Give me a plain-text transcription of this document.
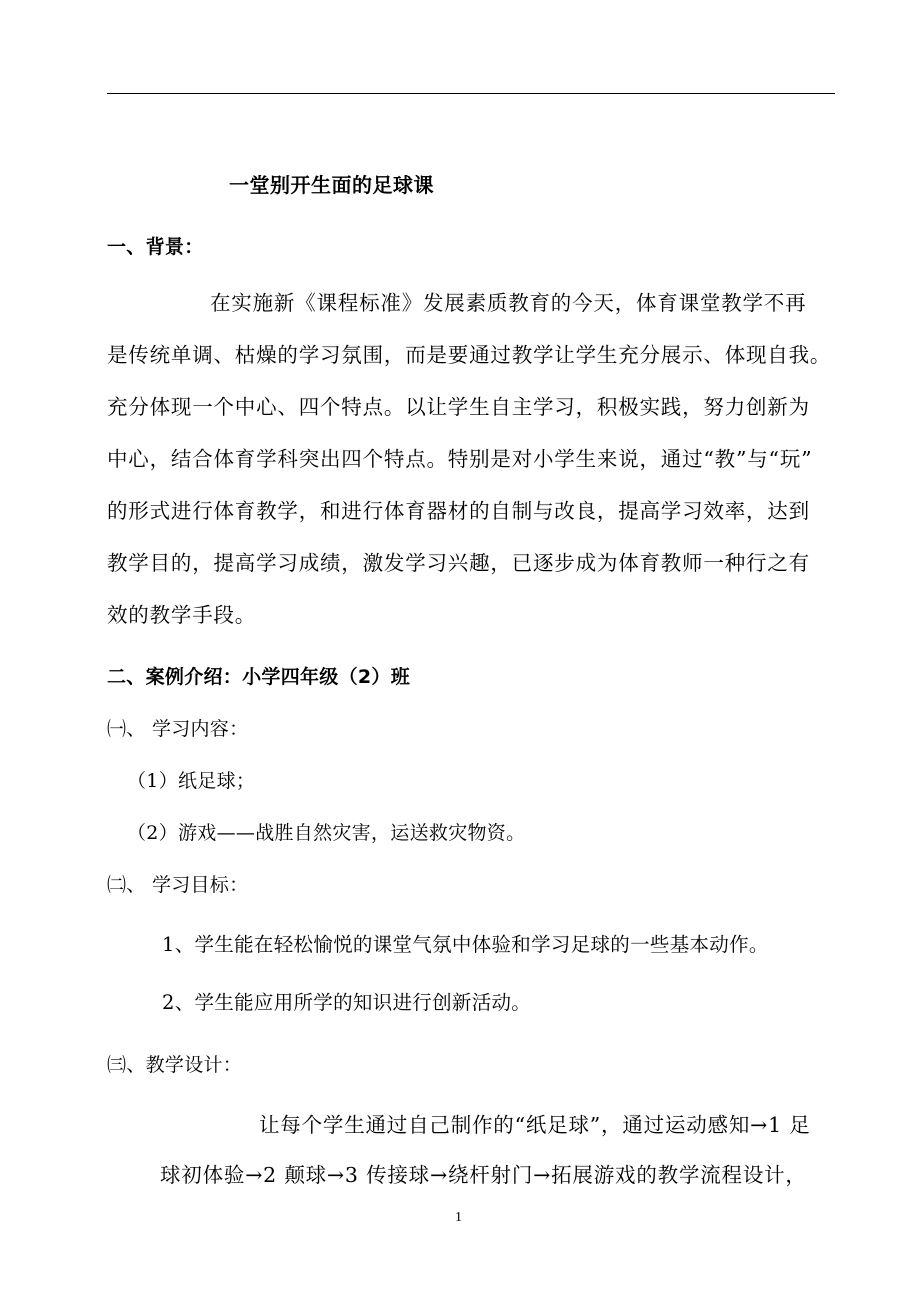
一堂别开生面的足球课
一、背景：
在实施新《课程标准》发展素质教育的今天，体育课堂教学不再
是传统单调、枯燥的学习氛围，而是要通过教学让学生充分展示、体现自我。
充分体现一个中心、四个特点。以让学生自主学习，积极实践，努力创新为
中心，结合体育学科突出四个特点。特别是对小学生来说，通过“教”与“玩”
的形式进行体育教学，和进行体育器材的自制与改良，提高学习效率，达到
教学目的，提高学习成绩，激发学习兴趣，已逐步成为体育教师一种行之有
效的教学手段。
二、案例介绍：小学四年级（2）班
㈠、 学习内容：
（1）纸足球；
（2）游戏——战胜自然灾害，运送救灾物资。
㈡、 学习目标：
1、学生能在轻松愉悦的课堂气氛中体验和学习足球的一些基本动作。
2、学生能应用所学的知识进行创新活动。
㈢、教学设计：
让每个学生通过自己制作的“纸足球”，通过运动感知→1 足
球初体验→2 颠球→3 传接球→绕杆射门→拓展游戏的教学流程设计，
1
